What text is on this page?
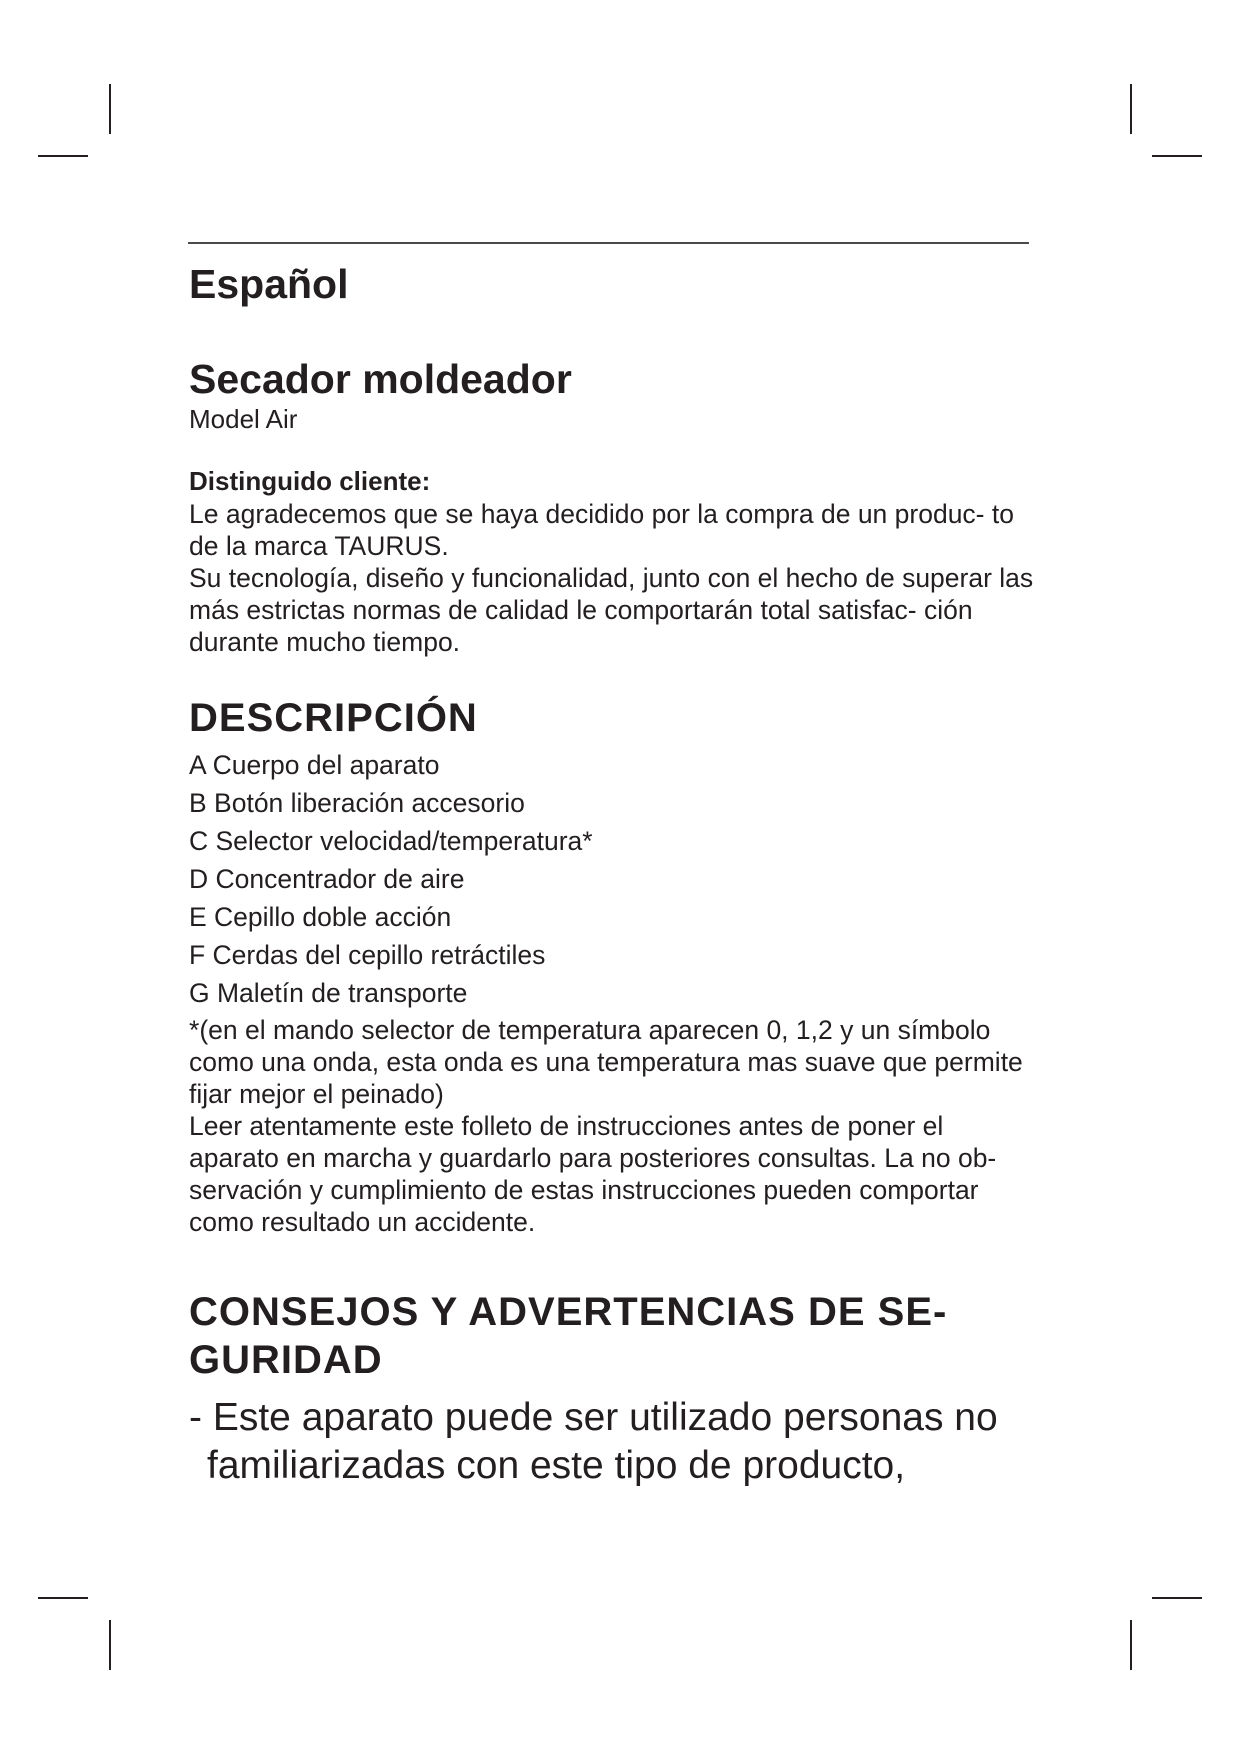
Español
Secador moldeador

Model Air

Distinguido cliente:

Le agradecemos que se haya decidido por la compra de un produc- to de la marca TAURUS.

Su tecnología, diseño y funcionalidad, junto con el hecho de superar las más estrictas normas de calidad le comportarán total satisfac- ción durante mucho tiempo.

DESCRIPCIÓN
A Cuerpo del aparato
B Botón liberación accesorio
C Selector velocidad/temperatura*
D Concentrador de aire
E Cepillo doble acción
F Cerdas del cepillo retráctiles
G Maletín de transporte

*(en el mando selector de temperatura aparecen 0, 1,2 y un símbolo como una onda, esta onda es una temperatura mas suave que permite fijar mejor el peinado)

Leer atentamente este folleto de instrucciones antes de poner el aparato en marcha y guardarlo para posteriores consultas. La no ob- servación y cumplimiento de estas instrucciones pueden comportar como resultado un accidente.

CONSEJOS Y ADVERTENCIAS DE SE- GURIDAD
- Este aparato puede ser utilizado personas no familiarizadas con este tipo de producto,
